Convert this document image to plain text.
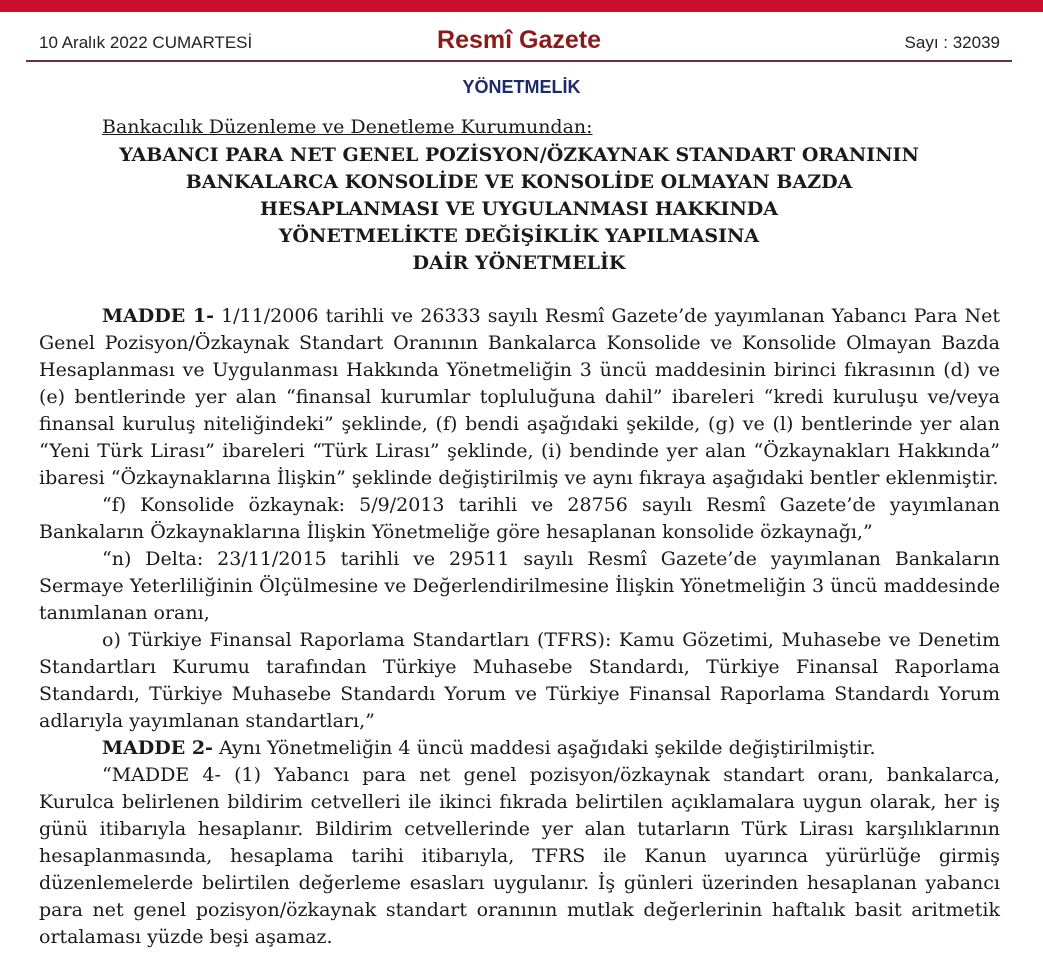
10 Aralık 2022 CUMARTESİ	Resmî Gazete	Sayı : 32039
YÖNETMELİK
Bankacılık Düzenleme ve Denetleme Kurumundan:
YABANCI PARA NET GENEL POZİSYON/ÖZKAYNAK STANDART ORANININ
BANKALARCA KONSOLİDE VE KONSOLİDE OLMAYAN BAZDA
HESAPLANMASI VE UYGULANMASI HAKKINDA
YÖNETMELİKTE DEĞİŞİKLİK YAPILMASINA
DAİR YÖNETMELİK

MADDE 1- 1/11/2006 tarihli ve 26333 sayılı Resmî Gazete’de yayımlanan Yabancı Para Net Genel Pozisyon/Özkaynak Standart Oranının Bankalarca Konsolide ve Konsolide Olmayan Bazda Hesaplanması ve Uygulanması Hakkında Yönetmeliğin 3 üncü maddesinin birinci fıkrasının (d) ve (e) bentlerinde yer alan “finansal kurumlar topluluğuna dahil” ibareleri “kredi kuruluşu ve/veya finansal kuruluş niteliğindeki” şeklinde, (f) bendi aşağıdaki şekilde, (g) ve (l) bentlerinde yer alan “Yeni Türk Lirası” ibareleri “Türk Lirası” şeklinde, (i) bendinde yer alan “Özkaynakları Hakkında” ibaresi “Özkaynaklarına İlişkin” şeklinde değiştirilmiş ve aynı fıkraya aşağıdaki bentler eklenmiştir.

“f) Konsolide özkaynak: 5/9/2013 tarihli ve 28756 sayılı Resmî Gazete’de yayımlanan Bankaların Özkaynaklarına İlişkin Yönetmeliğe göre hesaplanan konsolide özkaynağı,”

“n) Delta: 23/11/2015 tarihli ve 29511 sayılı Resmî Gazete’de yayımlanan Bankaların Sermaye Yeterliliğinin Ölçülmesine ve Değerlendirilmesine İlişkin Yönetmeliğin 3 üncü maddesinde tanımlanan oranı,

o) Türkiye Finansal Raporlama Standartları (TFRS): Kamu Gözetimi, Muhasebe ve Denetim Standartları Kurumu tarafından Türkiye Muhasebe Standardı, Türkiye Finansal Raporlama Standardı, Türkiye Muhasebe Standardı Yorum ve Türkiye Finansal Raporlama Standardı Yorum adlarıyla yayımlanan standartları,”

MADDE 2- Aynı Yönetmeliğin 4 üncü maddesi aşağıdaki şekilde değiştirilmiştir.

“MADDE 4- (1) Yabancı para net genel pozisyon/özkaynak standart oranı, bankalarca, Kurulca belirlenen bildirim cetvelleri ile ikinci fıkrada belirtilen açıklamalara uygun olarak, her iş günü itibarıyla hesaplanır. Bildirim cetvellerinde yer alan tutarların Türk Lirası karşılıklarının hesaplanmasında, hesaplama tarihi itibarıyla, TFRS ile Kanun uyarınca yürürlüğe girmiş düzenlemelerde belirtilen değerleme esasları uygulanır. İş günleri üzerinden hesaplanan yabancı para net genel pozisyon/özkaynak standart oranının mutlak değerlerinin haftalık basit aritmetik ortalaması yüzde beşi aşamaz.
